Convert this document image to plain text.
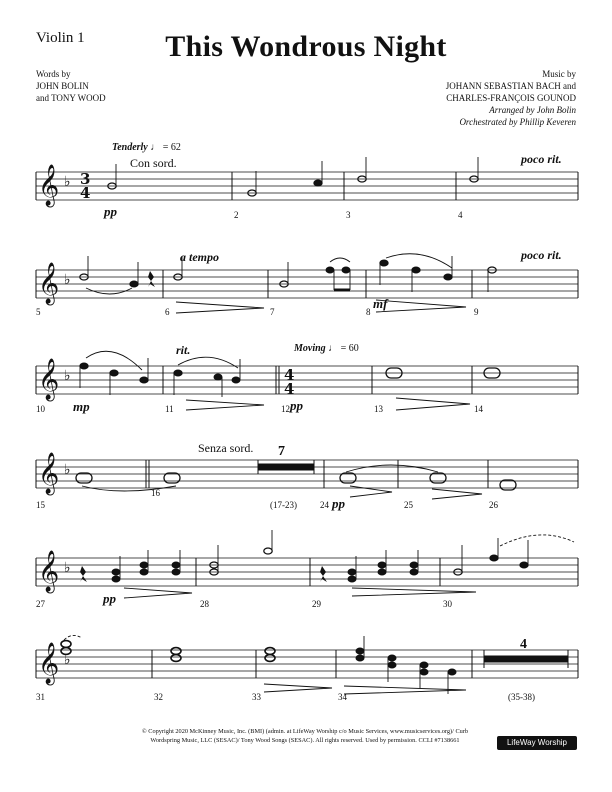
Violin 1	This Wondrous Night
Words by
JOHN BOLIN
and TONY WOOD
Music by
JOHANN SEBASTIAN BACH and
CHARLES-FRANÇOIS GOUNOD
Arranged by John Bolin
Orchestrated by Phillip Keveren
𝄞
𝄞
𝄞
𝄞
𝄞
𝄞
♭
♭
♭
♭
♭
♭
3
4
4
4
Tenderly ♩ = 62
Con sord.	poco rit.
pp
a tempo	poco rit.
mf
rit.	Moving ♩ = 60
mp	pp
Senza sord. 7
pp
pp
4
2	3	4
5	6	7	8	9
10	11	12	13	14
15
16
(17-23)	24	25	26
27	28	29	30
31	32	33	34	(35-38)
© Copyright 2020 McKinney Music, Inc. (BMI) (admin. at LifeWay Worship c/o Music Services, www.musicservices.org)/ Curb Wordspring Music, LLC (SESAC)/ Tony Wood Songs (SESAC). All rights reserved. Used by permission. CCLI #7138661	LifeWay Worship
